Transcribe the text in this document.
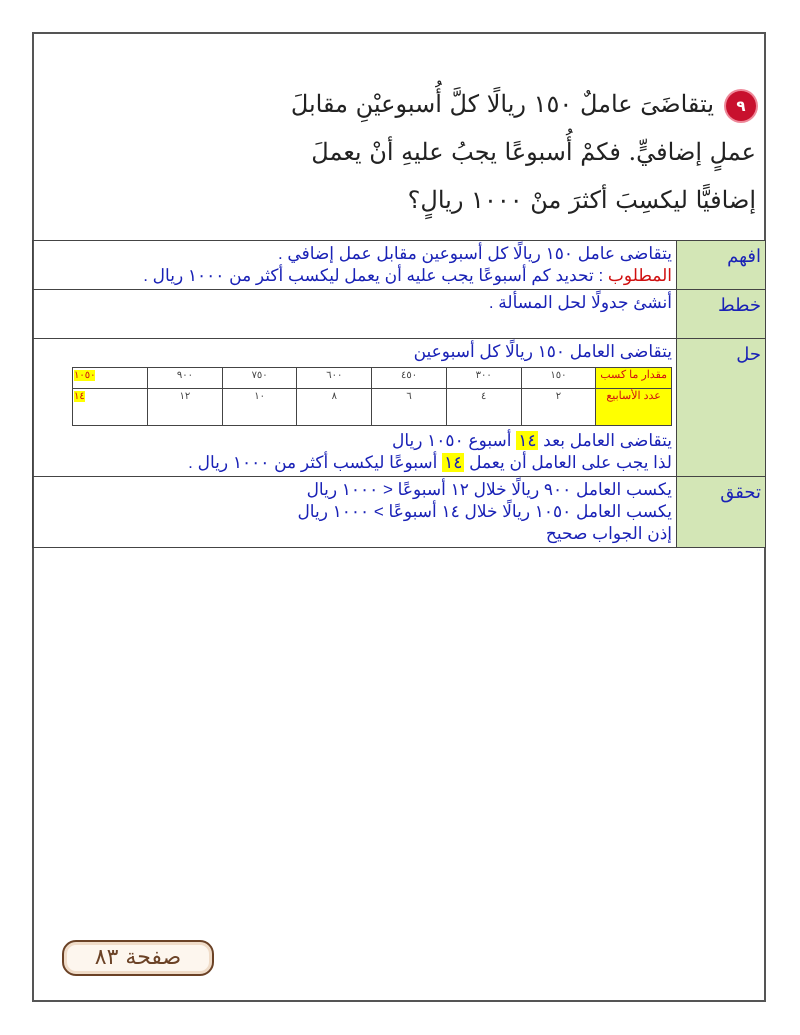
٩يتقاضَىَ عاملٌ ١٥٠ ريالًا كلَّ أُسبوعيْنِ مقابلَ
عملٍ إضافيٍّ. فكمْ أُسبوعًا يجبُ عليهِ أنْ يعملَ
إضافيًّا ليكسِبَ أكثرَ منْ ١٠٠٠ ريالٍ؟
افهم	
يتقاضى عامل ١٥٠ ريالًا كل أسبوعين مقابل عمل إضافي .
المطلوب : تحديد كم أسبوعًا يجب عليه أن يعمل ليكسب أكثر من ١٠٠٠ ريال .

خطط	أنشئ جدولًا لحل المسألة .
حل	
يتقاضى العامل ١٥٠ ريالًا كل أسبوعين
مقدار ما كسب	١٥٠	٣٠٠	٤٥٠	٦٠٠	٧٥٠	٩٠٠	١٠٥٠
عدد الأسابيع	٢	٤	٦	٨	١٠	١٢	١٤
يتقاضى العامل بعد ١٤ أسبوع ١٠٥٠ ريال
لذا يجب على العامل أن يعمل ١٤ أسبوعًا ليكسب أكثر من ١٠٠٠ ريال .

تحقق	
يكسب العامل ٩٠٠ ريالًا خلال ١٢ أسبوعًا < ١٠٠٠ ريال
يكسب العامل ١٠٥٠ ريالًا خلال ١٤ أسبوعًا > ١٠٠٠ ريال
إذن الجواب صحيح
صفحة ٨٣
